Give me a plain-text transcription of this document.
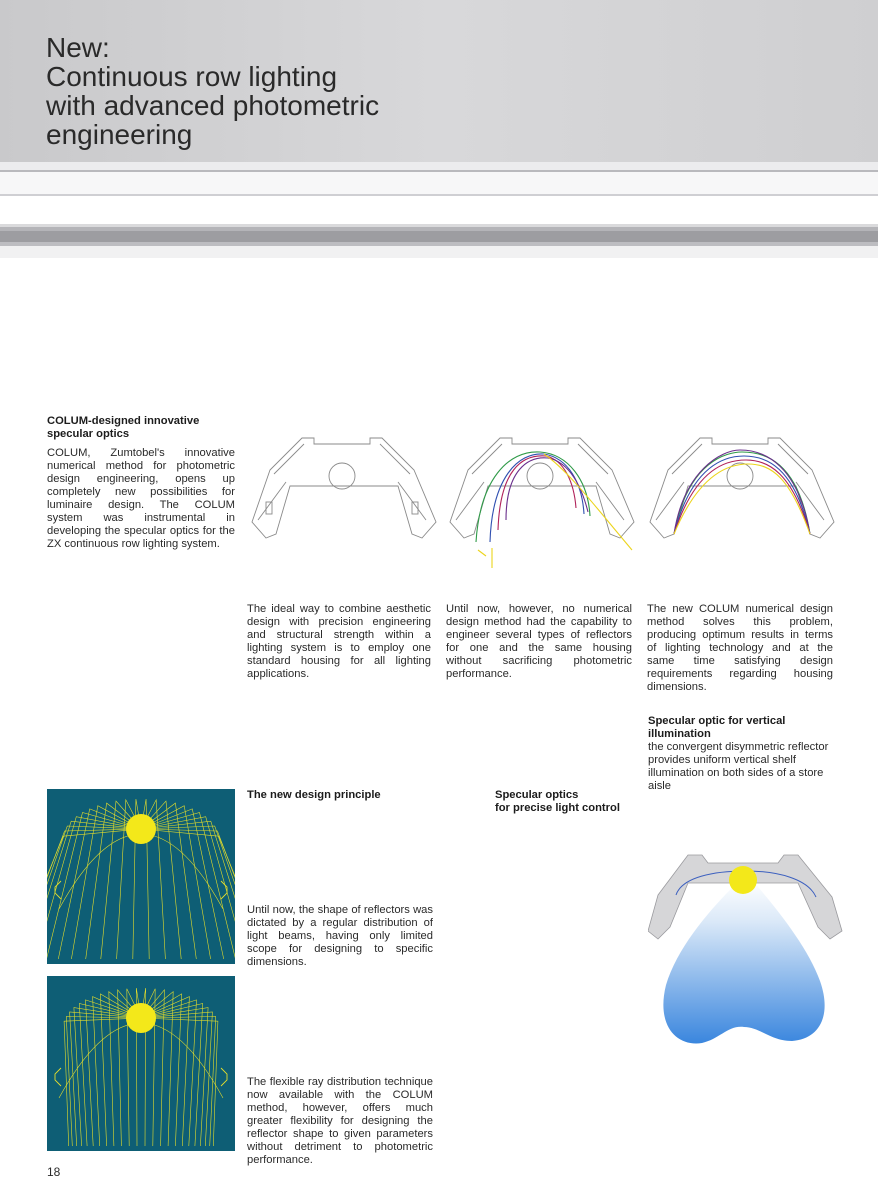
New:
Continuous row lighting
with advanced photometric
engineering
COLUM-designed innovative specular optics
COLUM, Zumtobel's innovative numerical method for photometric design engineering, opens up completely new possibilities for luminaire design. The COLUM system was instrumental in developing the specular optics for the ZX continuous row lighting system.
The ideal way to combine aesthetic design with precision engineering and structural strength within a lighting system is to employ one standard housing for all lighting applications.
Until now, however, no numerical design method had the capability to engineer several types of reflectors for one and the same housing without sacrificing photometric performance.
The new COLUM numerical design method solves this problem, producing optimum results in terms of lighting technology and at the same time satisfying design requirements regarding housing dimensions.
Specular optic for vertical illumination
the convergent disymmetric reflector provides uniform vertical shelf illumination on both sides of a store aisle
The new design principle
Until now, the shape of reflectors was dictated by a regular distribution of light beams, having only limited scope for designing to specific dimensions.
The flexible ray distribution technique now available with the COLUM method, however, offers much greater flexibility for designing the reflector shape to given parameters without detriment to photometric performance.
Specular optics
for precise light control
18
